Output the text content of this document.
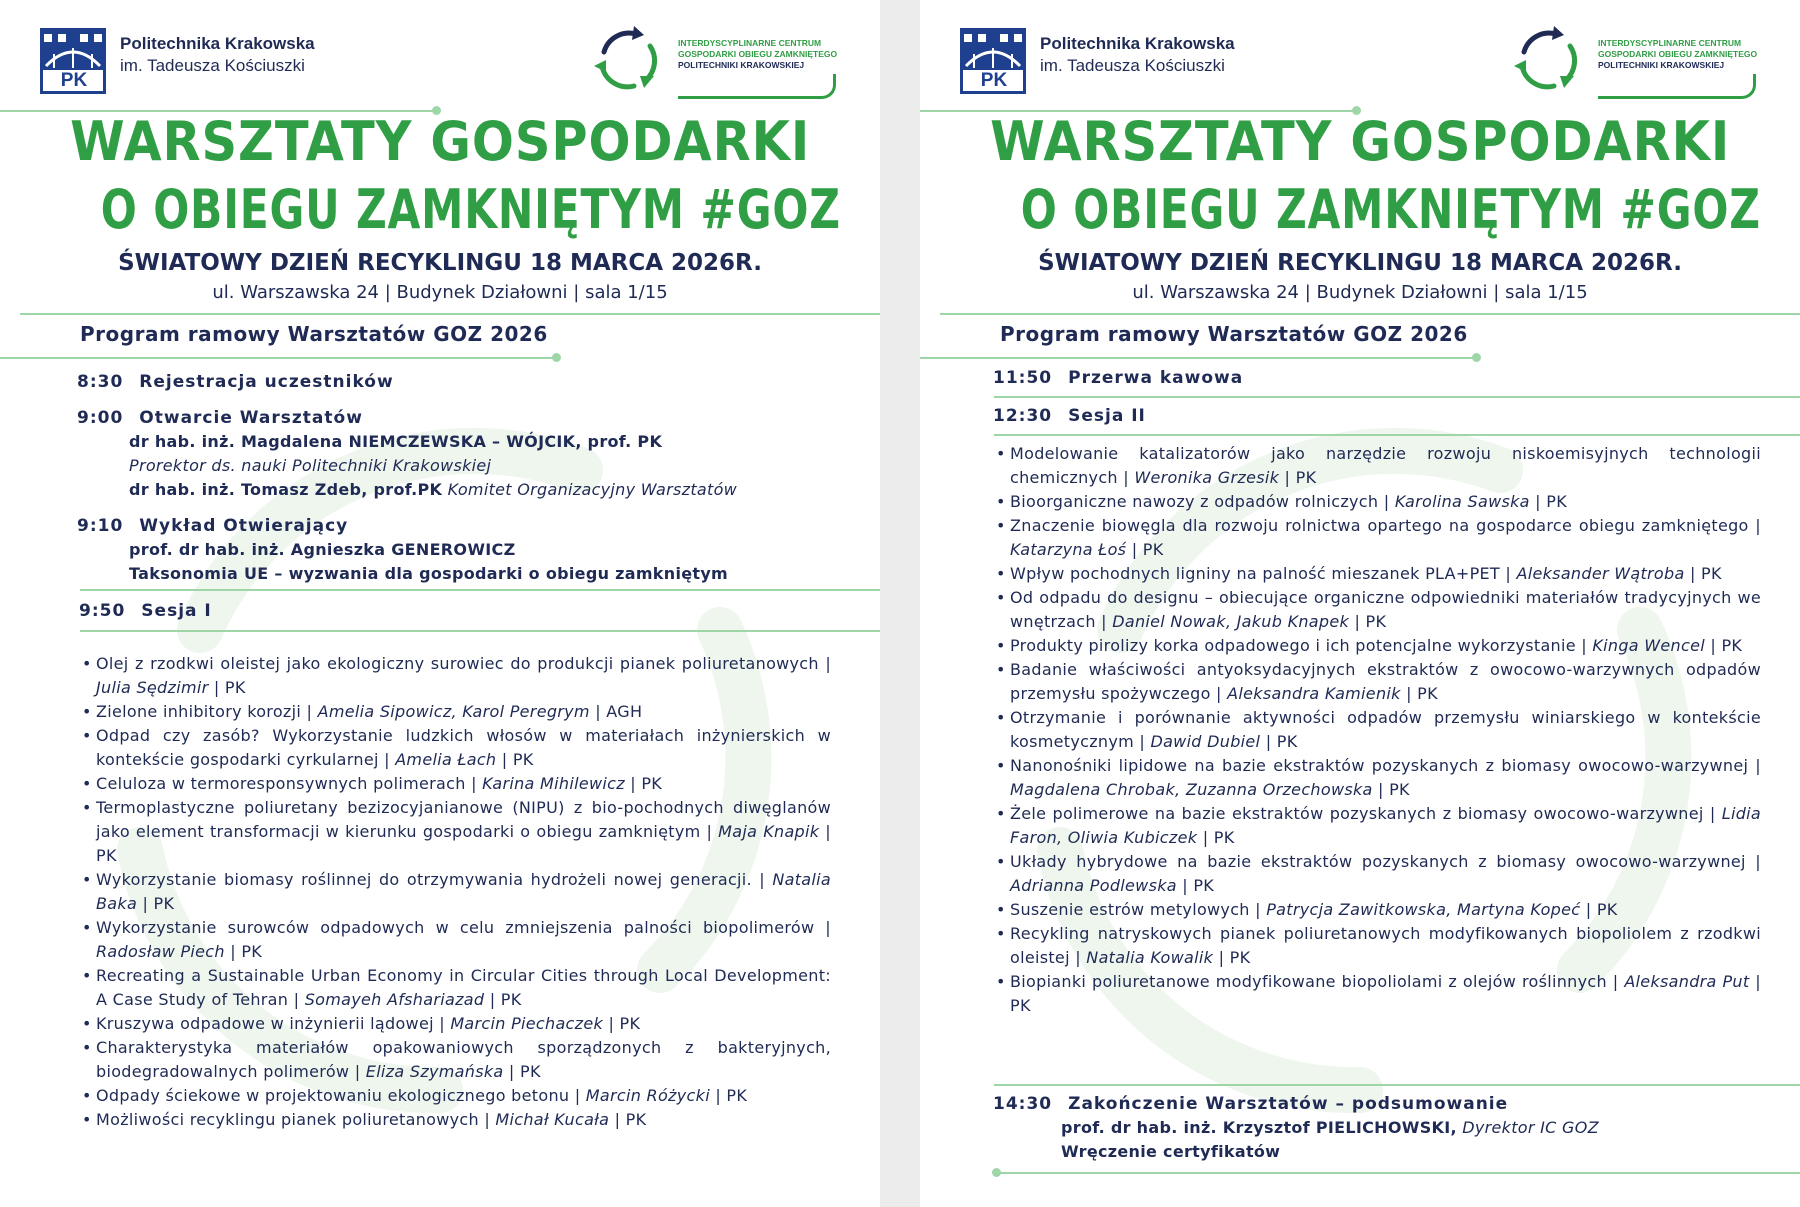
PK
Politechnika Krakowska
im. Tadeusza Kościuszki
INTERDYSCYPLINARNE CENTRUM
GOSPODARKI OBIEGU ZAMKNIĘTEGO
POLITECHNIKI KRAKOWSKIEJ
WARSZTATY GOSPODARKI
O OBIEGU ZAMKNIĘTYM #GOZ
ŚWIATOWY DZIEŃ RECYKLINGU 18 MARCA 2026R.
ul. Warszawska 24 | Budynek Działowni | sala 1/15
Program ramowy Warsztatów GOZ 2026
8:30 Rejestracja uczestników
9:00 Otwarcie Warsztatów
dr hab. inż. Magdalena NIEMCZEWSKA – WÓJCIK, prof. PK
Prorektor ds. nauki Politechniki Krakowskiej
dr hab. inż. Tomasz Zdeb, prof.PK Komitet Organizacyjny Warsztatów
9:10 Wykład Otwierający
prof. dr hab. inż. Agnieszka GENEROWICZ
Taksonomia UE – wyzwania dla gospodarki o obiegu zamkniętym
9:50 Sesja I
• Olej z rzodkwi oleistej jako ekologiczny surowiec do produkcji pianek poliuretanowych | Julia Sędzimir | PK
• Zielone inhibitory korozji | Amelia Sipowicz, Karol Peregrym | AGH
• Odpad czy zasób? Wykorzystanie ludzkich włosów w materiałach inżynierskich w kontekście gospodarki cyrkularnej | Amelia Łach | PK
• Celuloza w termoresponsywnych polimerach | Karina Mihilewicz | PK
• Termoplastyczne poliuretany bezizocyjanianowe (NIPU) z bio-pochodnych diwęglanów jako element transformacji w kierunku gospodarki o obiegu zamkniętym | Maja Knapik | PK
• Wykorzystanie biomasy roślinnej do otrzymywania hydrożeli nowej generacji. | Natalia Baka | PK
• Wykorzystanie surowców odpadowych w celu zmniejszenia palności biopolimerów | Radosław Piech | PK
• Recreating a Sustainable Urban Economy in Circular Cities through Local Development: A Case Study of Tehran | Somayeh Afshariazad | PK
• Kruszywa odpadowe w inżynierii lądowej | Marcin Piechaczek | PK
• Charakterystyka materiałów opakowaniowych sporządzonych z bakteryjnych, biodegradowalnych polimerów | Eliza Szymańska | PK
• Odpady ściekowe w projektowaniu ekologicznego betonu | Marcin Różycki | PK
• Możliwości recyklingu pianek poliuretanowych | Michał Kucała | PK
PK
Politechnika Krakowska
im. Tadeusza Kościuszki
INTERDYSCYPLINARNE CENTRUM
GOSPODARKI OBIEGU ZAMKNIĘTEGO
POLITECHNIKI KRAKOWSKIEJ
WARSZTATY GOSPODARKI
O OBIEGU ZAMKNIĘTYM #GOZ
ŚWIATOWY DZIEŃ RECYKLINGU 18 MARCA 2026R.
ul. Warszawska 24 | Budynek Działowni | sala 1/15
Program ramowy Warsztatów GOZ 2026
11:50 Przerwa kawowa
12:30 Sesja II
• Modelowanie katalizatorów jako narzędzie rozwoju niskoemisyjnych technologii chemicznych | Weronika Grzesik | PK
• Bioorganiczne nawozy z odpadów rolniczych | Karolina Sawska | PK
• Znaczenie biowęgla dla rozwoju rolnictwa opartego na gospodarce obiegu zamkniętego | Katarzyna Łoś | PK
• Wpływ pochodnych ligniny na palność mieszanek PLA+PET | Aleksander Wątroba | PK
• Od odpadu do designu – obiecujące organiczne odpowiedniki materiałów tradycyjnych we wnętrzach | Daniel Nowak, Jakub Knapek | PK
• Produkty pirolizy korka odpadowego i ich potencjalne wykorzystanie | Kinga Wencel | PK
• Badanie właściwości antyoksydacyjnych ekstraktów z owocowo-warzywnych odpadów przemysłu spożywczego | Aleksandra Kamienik | PK
• Otrzymanie i porównanie aktywności odpadów przemysłu winiarskiego w kontekście kosmetycznym | Dawid Dubiel | PK
• Nanonośniki lipidowe na bazie ekstraktów pozyskanych z biomasy owocowo-warzywnej | Magdalena Chrobak, Zuzanna Orzechowska | PK
• Żele polimerowe na bazie ekstraktów pozyskanych z biomasy owocowo-warzywnej | Lidia Faron, Oliwia Kubiczek | PK
• Układy hybrydowe na bazie ekstraktów pozyskanych z biomasy owocowo-warzywnej | Adrianna Podlewska | PK
• Suszenie estrów metylowych | Patrycja Zawitkowska, Martyna Kopeć | PK
• Recykling natryskowych pianek poliuretanowych modyfikowanych biopoliolem z rzodkwi oleistej | Natalia Kowalik | PK
• Biopianki poliuretanowe modyfikowane biopoliolami z olejów roślinnych | Aleksandra Put | PK
14:30 Zakończenie Warsztatów – podsumowanie
prof. dr hab. inż. Krzysztof PIELICHOWSKI, Dyrektor IC GOZ
Wręczenie certyfikatów
